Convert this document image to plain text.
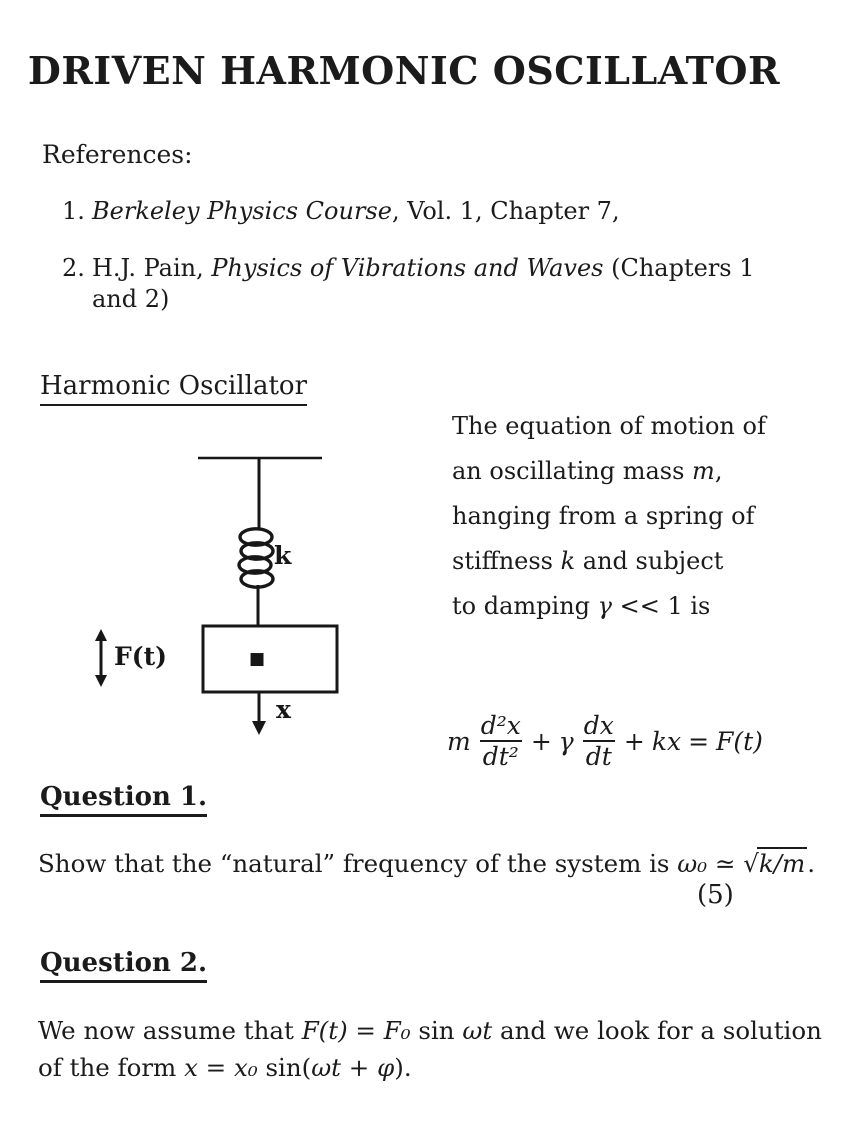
DRIVEN HARMONIC OSCILLATOR
References:
1. Berkeley Physics Course, Vol. 1, Chapter 7,
2. H.J. Pain, Physics of Vibrations and Waves (Chapters 1
and 2)
Harmonic Oscillator
k
■
x
F(t)
The equation of motion of
an oscillating mass m,
hanging from a spring of
stiffness k and subject
to damping γ << 1 is
m $\frac{\text{d²x}}{\text{dt²}} + \gamma \frac{dx}{dt}$ + kx = F(t)
Question 1.
Show that the “natural” frequency of the system is ω₀ ≃ √k/m.
(5)
Question 2.
We now assume that F(t) = F₀ sin ωt and we look for a solution
of the form x = x₀ sin(ωt + φ).
